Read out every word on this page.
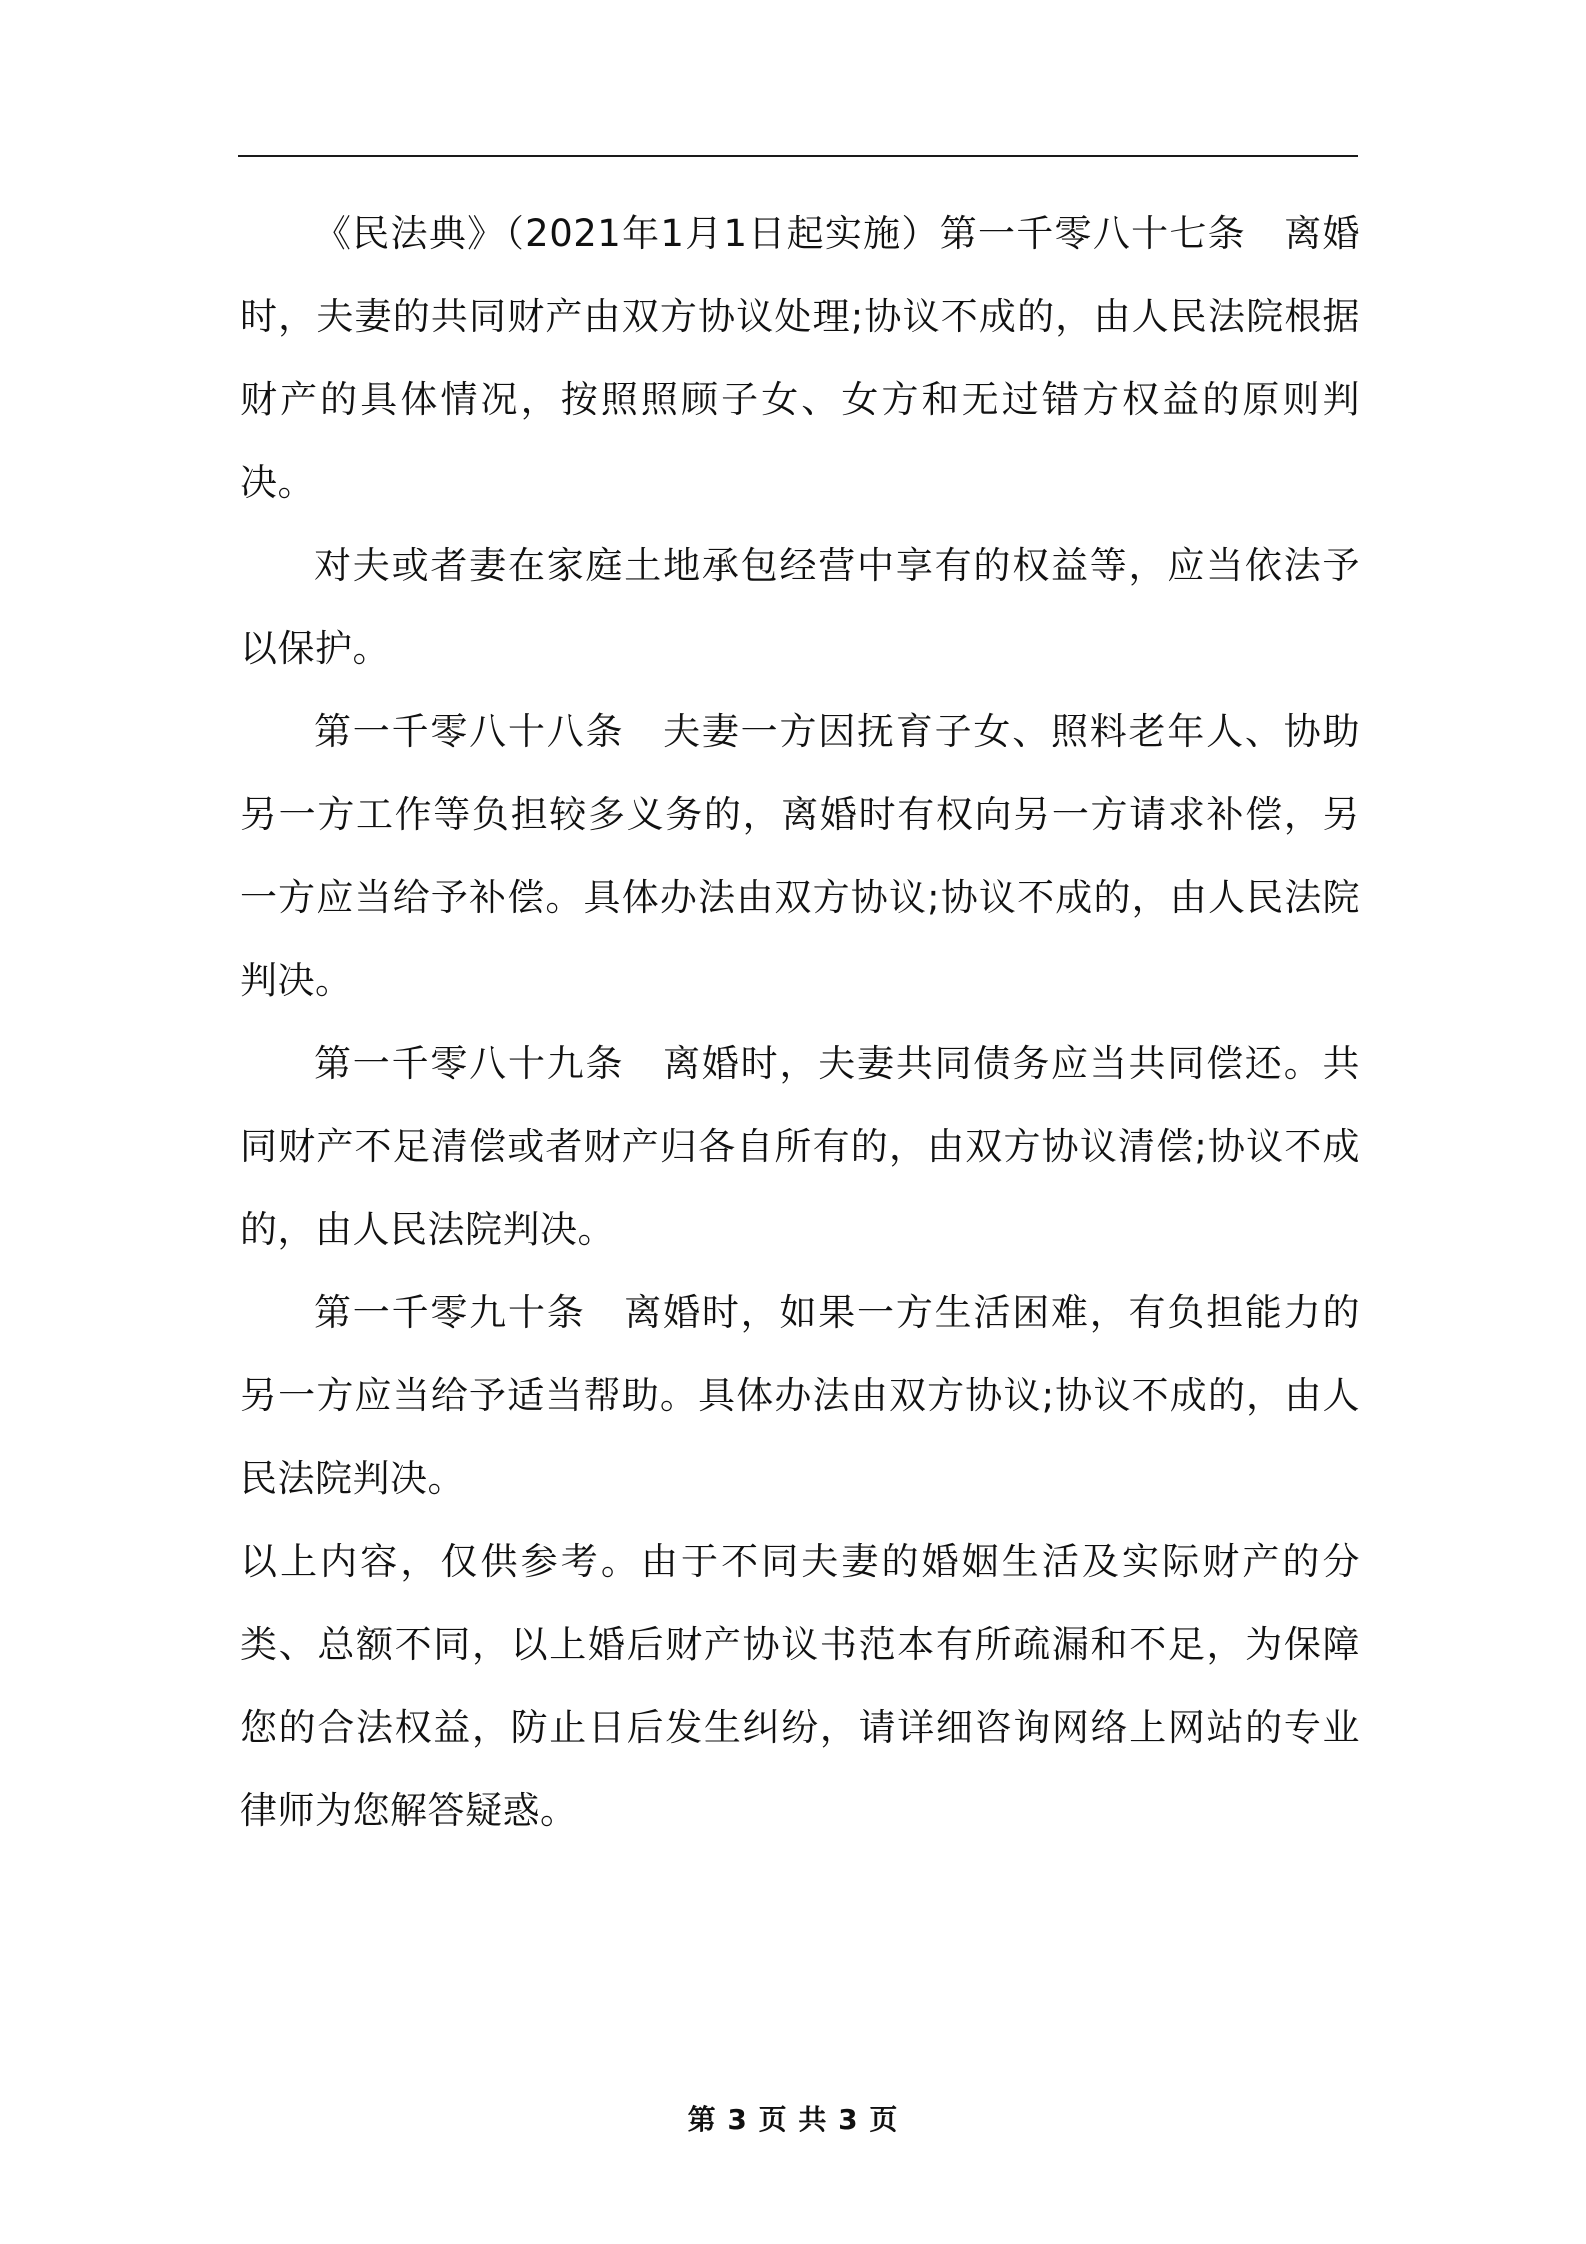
《民法典》（2021年1月1日起实施）第一千零八十七条　离婚时，夫妻的共同财产由双方协议处理;协议不成的，由人民法院根据财产的具体情况，按照照顾子女、女方和无过错方权益的原则判决。

对夫或者妻在家庭土地承包经营中享有的权益等，应当依法予以保护。

第一千零八十八条　夫妻一方因抚育子女、照料老年人、协助另一方工作等负担较多义务的，离婚时有权向另一方请求补偿，另一方应当给予补偿。具体办法由双方协议;协议不成的，由人民法院判决。

第一千零八十九条　离婚时，夫妻共同债务应当共同偿还。共同财产不足清偿或者财产归各自所有的，由双方协议清偿;协议不成的，由人民法院判决。

第一千零九十条　离婚时，如果一方生活困难，有负担能力的另一方应当给予适当帮助。具体办法由双方协议;协议不成的，由人民法院判决。

以上内容，仅供参考。由于不同夫妻的婚姻生活及实际财产的分类、总额不同，以上婚后财产协议书范本有所疏漏和不足，为保障您的合法权益，防止日后发生纠纷，请详细咨询网络上网站的专业律师为您解答疑惑。

第 3 页 共 3 页
